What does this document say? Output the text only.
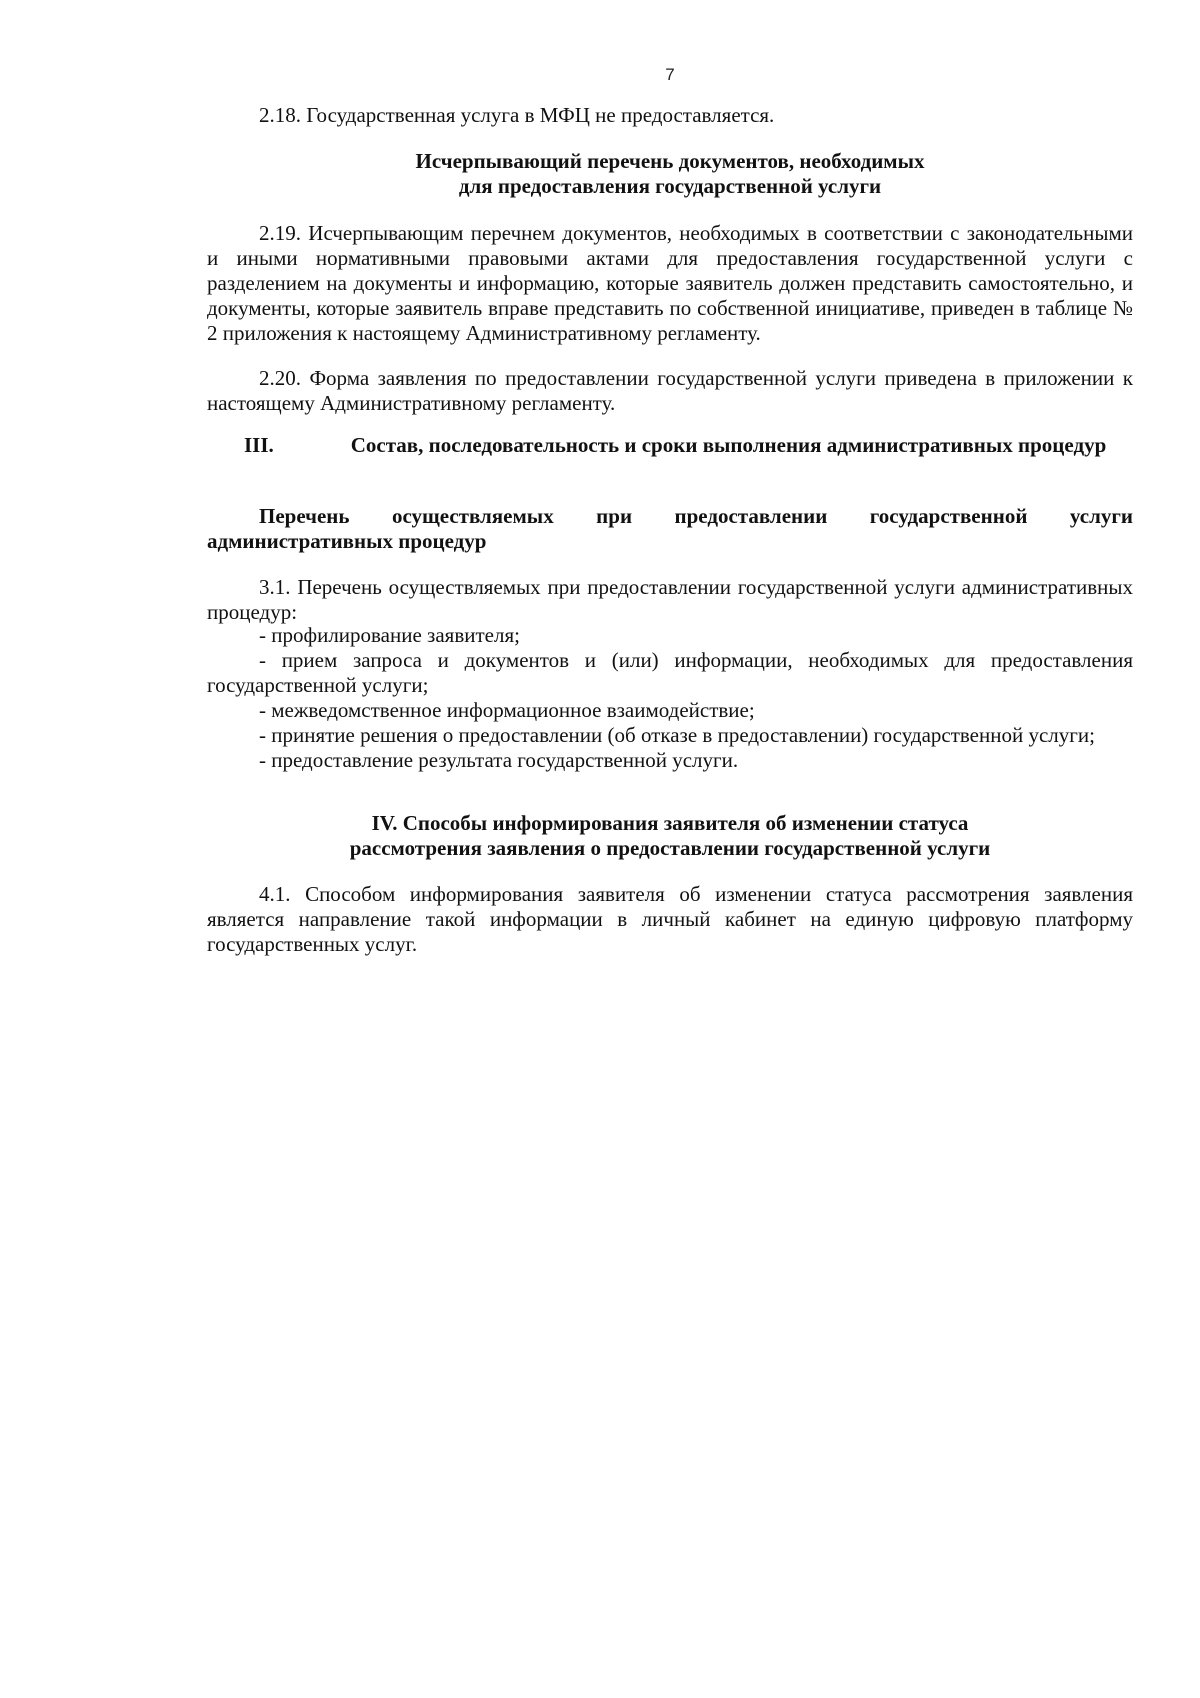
7

2.18. Государственная услуга в МФЦ не предоставляется.

Исчерпывающий перечень документов, необходимых

для предоставления государственной услуги

2.19. Исчерпывающим перечнем документов, необходимых в соответствии с законодательными и иными нормативными правовыми актами для предоставления государственной услуги с разделением на документы и информацию, которые заявитель должен представить самостоятельно, и документы, которые заявитель вправе представить по собственной инициативе, приведен в таблице № 2 приложения к настоящему Административному регламенту.

2.20. Форма заявления по предоставлении государственной услуги приведена в приложении к настоящему Административному регламенту.

III.	Состав, последовательность и сроки выполнения административных процедур

Перечень осуществляемых при предоставлении государственной услуги административных процедур

3.1. Перечень осуществляемых при предоставлении государственной услуги административных процедур:

- профилирование заявителя;

- прием запроса и документов и (или) информации, необходимых для предоставления государственной услуги;

- межведомственное информационное взаимодействие;

- принятие решения о предоставлении (об отказе в предоставлении) государственной услуги;

- предоставление результата государственной услуги.

IV. Способы информирования заявителя об изменении статуса

рассмотрения заявления о предоставлении государственной услуги

4.1. Способом информирования заявителя об изменении статуса рассмотрения заявления является направление такой информации в личный кабинет на единую цифровую платформу государственных услуг.
